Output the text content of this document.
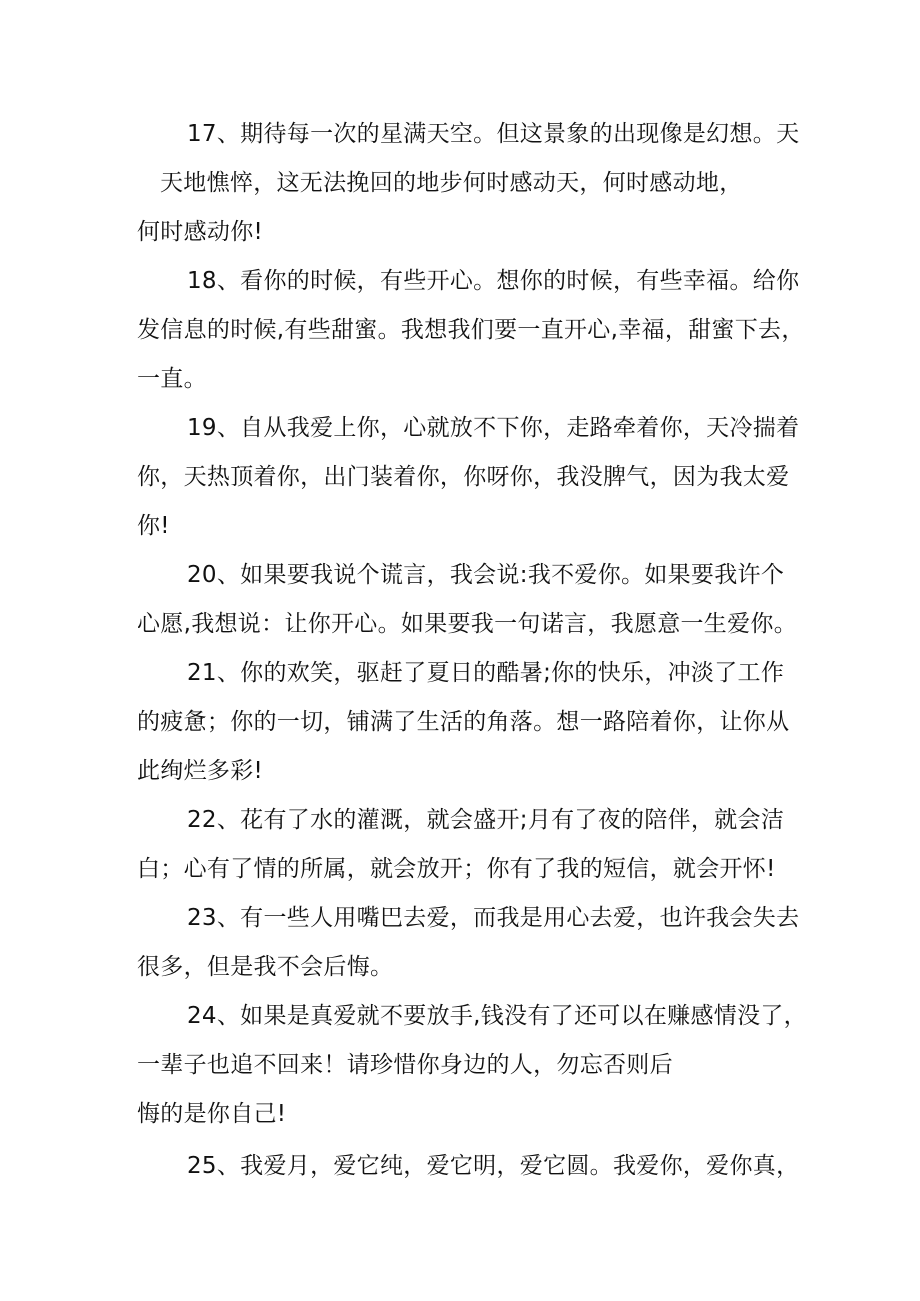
17、期待每一次的星满天空。但这景象的出现像是幻想。天
天地憔悴，这无法挽回的地步何时感动天，何时感动地，
何时感动你!
18、看你的时候，有些开心。想你的时候，有些幸福。给你
发信息的时候,有些甜蜜。我想我们要一直开心,幸福，甜蜜下去，
一直。
19、自从我爱上你，心就放不下你，走路牵着你，天冷揣着
你，天热顶着你，出门装着你，你呀你，我没脾气，因为我太爱
你!
20、如果要我说个谎言，我会说:我不爱你。如果要我许个
心愿,我想说：让你开心。如果要我一句诺言，我愿意一生爱你。
21、你的欢笑，驱赶了夏日的酷暑;你的快乐，冲淡了工作
的疲惫；你的一切，铺满了生活的角落。想一路陪着你，让你从
此绚烂多彩!
22、花有了水的灌溉，就会盛开;月有了夜的陪伴，就会洁
白；心有了情的所属，就会放开；你有了我的短信，就会开怀!
23、有一些人用嘴巴去爱，而我是用心去爱，也许我会失去
很多，但是我不会后悔。
24、如果是真爱就不要放手,钱没有了还可以在赚感情没了，
一辈子也追不回来！请珍惜你身边的人，勿忘否则后
悔的是你自己!
25、我爱月，爱它纯，爱它明，爱它圆。我爱你，爱你真，
